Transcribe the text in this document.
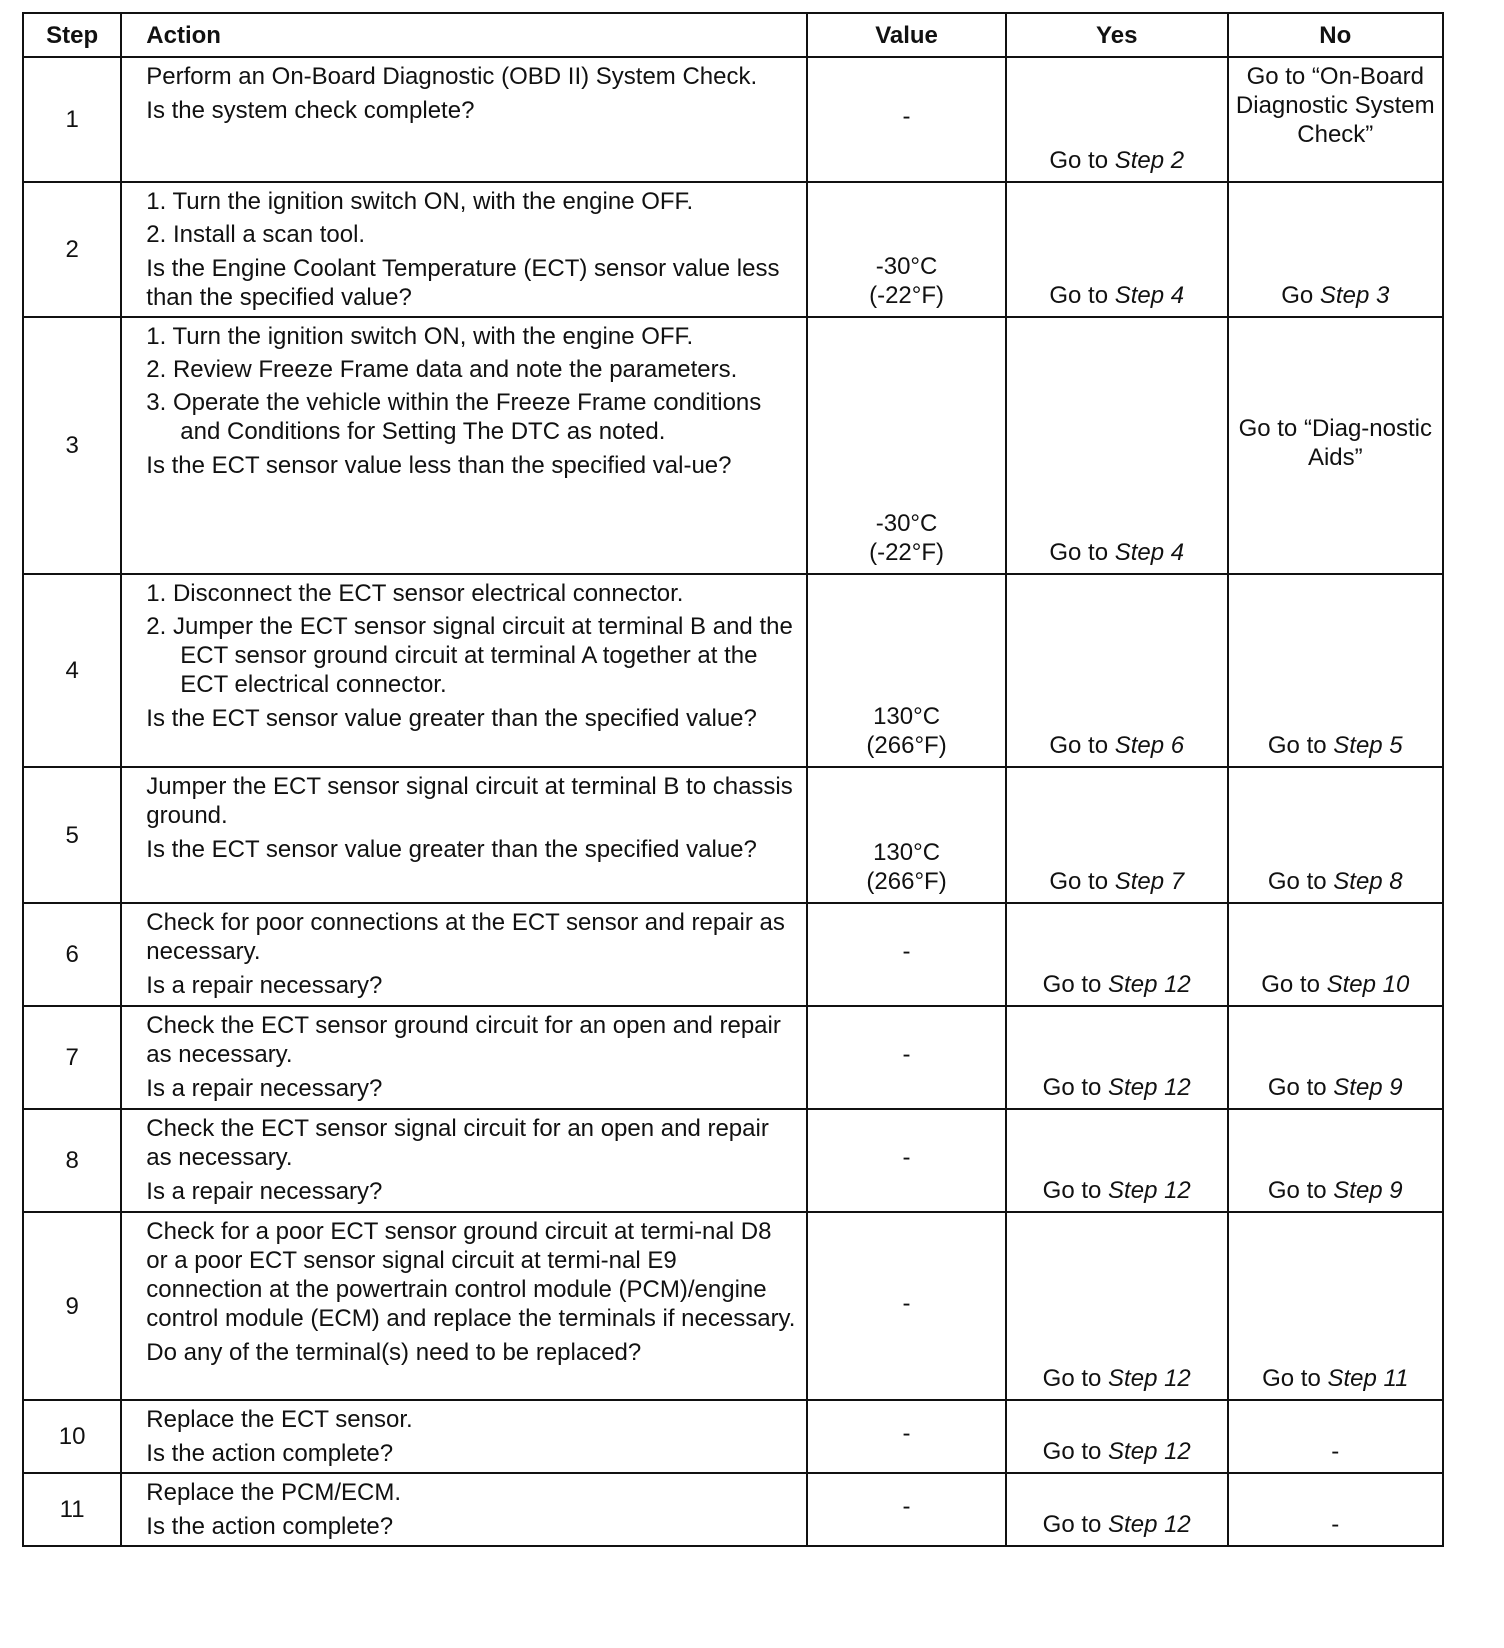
Step	Action	Value	Yes	No
1	Perform an On-Board Diagnostic (OBD II) System Check.
Is the system check complete?	-	Go to Step 2	Go to “On-Board Diagnostic System Check”
2	1. Turn the ignition switch ON, with the engine OFF.
2. Install a scan tool.
Is the Engine Coolant Temperature (ECT) sensor value less than the specified value?	-30°C
(-22°F)	Go to Step 4	Go Step 3
3	1. Turn the ignition switch ON, with the engine OFF.
2. Review Freeze Frame data and note the parameters.
3. Operate the vehicle within the Freeze Frame conditions and Conditions for Setting The DTC as noted.
Is the ECT sensor value less than the specified val-ue?	-30°C
(-22°F)	Go to Step 4	Go to “Diag-nostic Aids”
4	1. Disconnect the ECT sensor electrical connector.
2. Jumper the ECT sensor signal circuit at terminal B and the ECT sensor ground circuit at terminal A together at the ECT electrical connector.
Is the ECT sensor value greater than the specified value?	130°C
(266°F)	Go to Step 6	Go to Step 5
5	Jumper the ECT sensor signal circuit at terminal B to chassis ground.
Is the ECT sensor value greater than the specified value?	130°C
(266°F)	Go to Step 7	Go to Step 8
6	Check for poor connections at the ECT sensor and repair as necessary.
Is a repair necessary?	-	Go to Step 12	Go to Step 10
7	Check the ECT sensor ground circuit for an open and repair as necessary.
Is a repair necessary?	-	Go to Step 12	Go to Step 9
8	Check the ECT sensor signal circuit for an open and repair as necessary.
Is a repair necessary?	-	Go to Step 12	Go to Step 9
9	Check for a poor ECT sensor ground circuit at termi-nal D8 or a poor ECT sensor signal circuit at termi-nal E9 connection at the powertrain control module (PCM)/engine control module (ECM) and replace the terminals if necessary.
Do any of the terminal(s) need to be replaced?	-	Go to Step 12	Go to Step 11
10	Replace the ECT sensor.
Is the action complete?	-	Go to Step 12	-
11	Replace the PCM/ECM.
Is the action complete?	-	Go to Step 12	-
